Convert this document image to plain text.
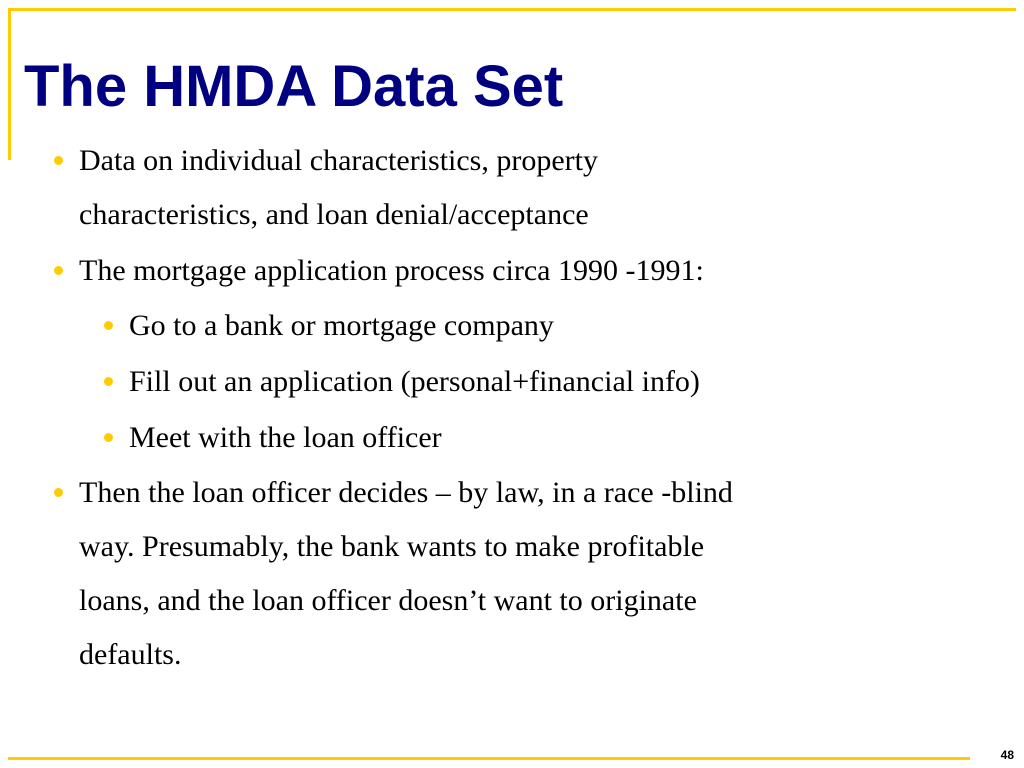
The HMDA Data Set
Data on individual characteristics, property
characteristics, and loan denial/acceptance
The mortgage application process circa 1990 -1991:
Go to a bank or mortgage company
Fill out an application (personal+financial info)
Meet with the loan officer
Then the loan officer decides – by law, in a race -blind
way. Presumably, the bank wants to make profitable
loans, and the loan officer doesn’t want to originate
defaults.
48
